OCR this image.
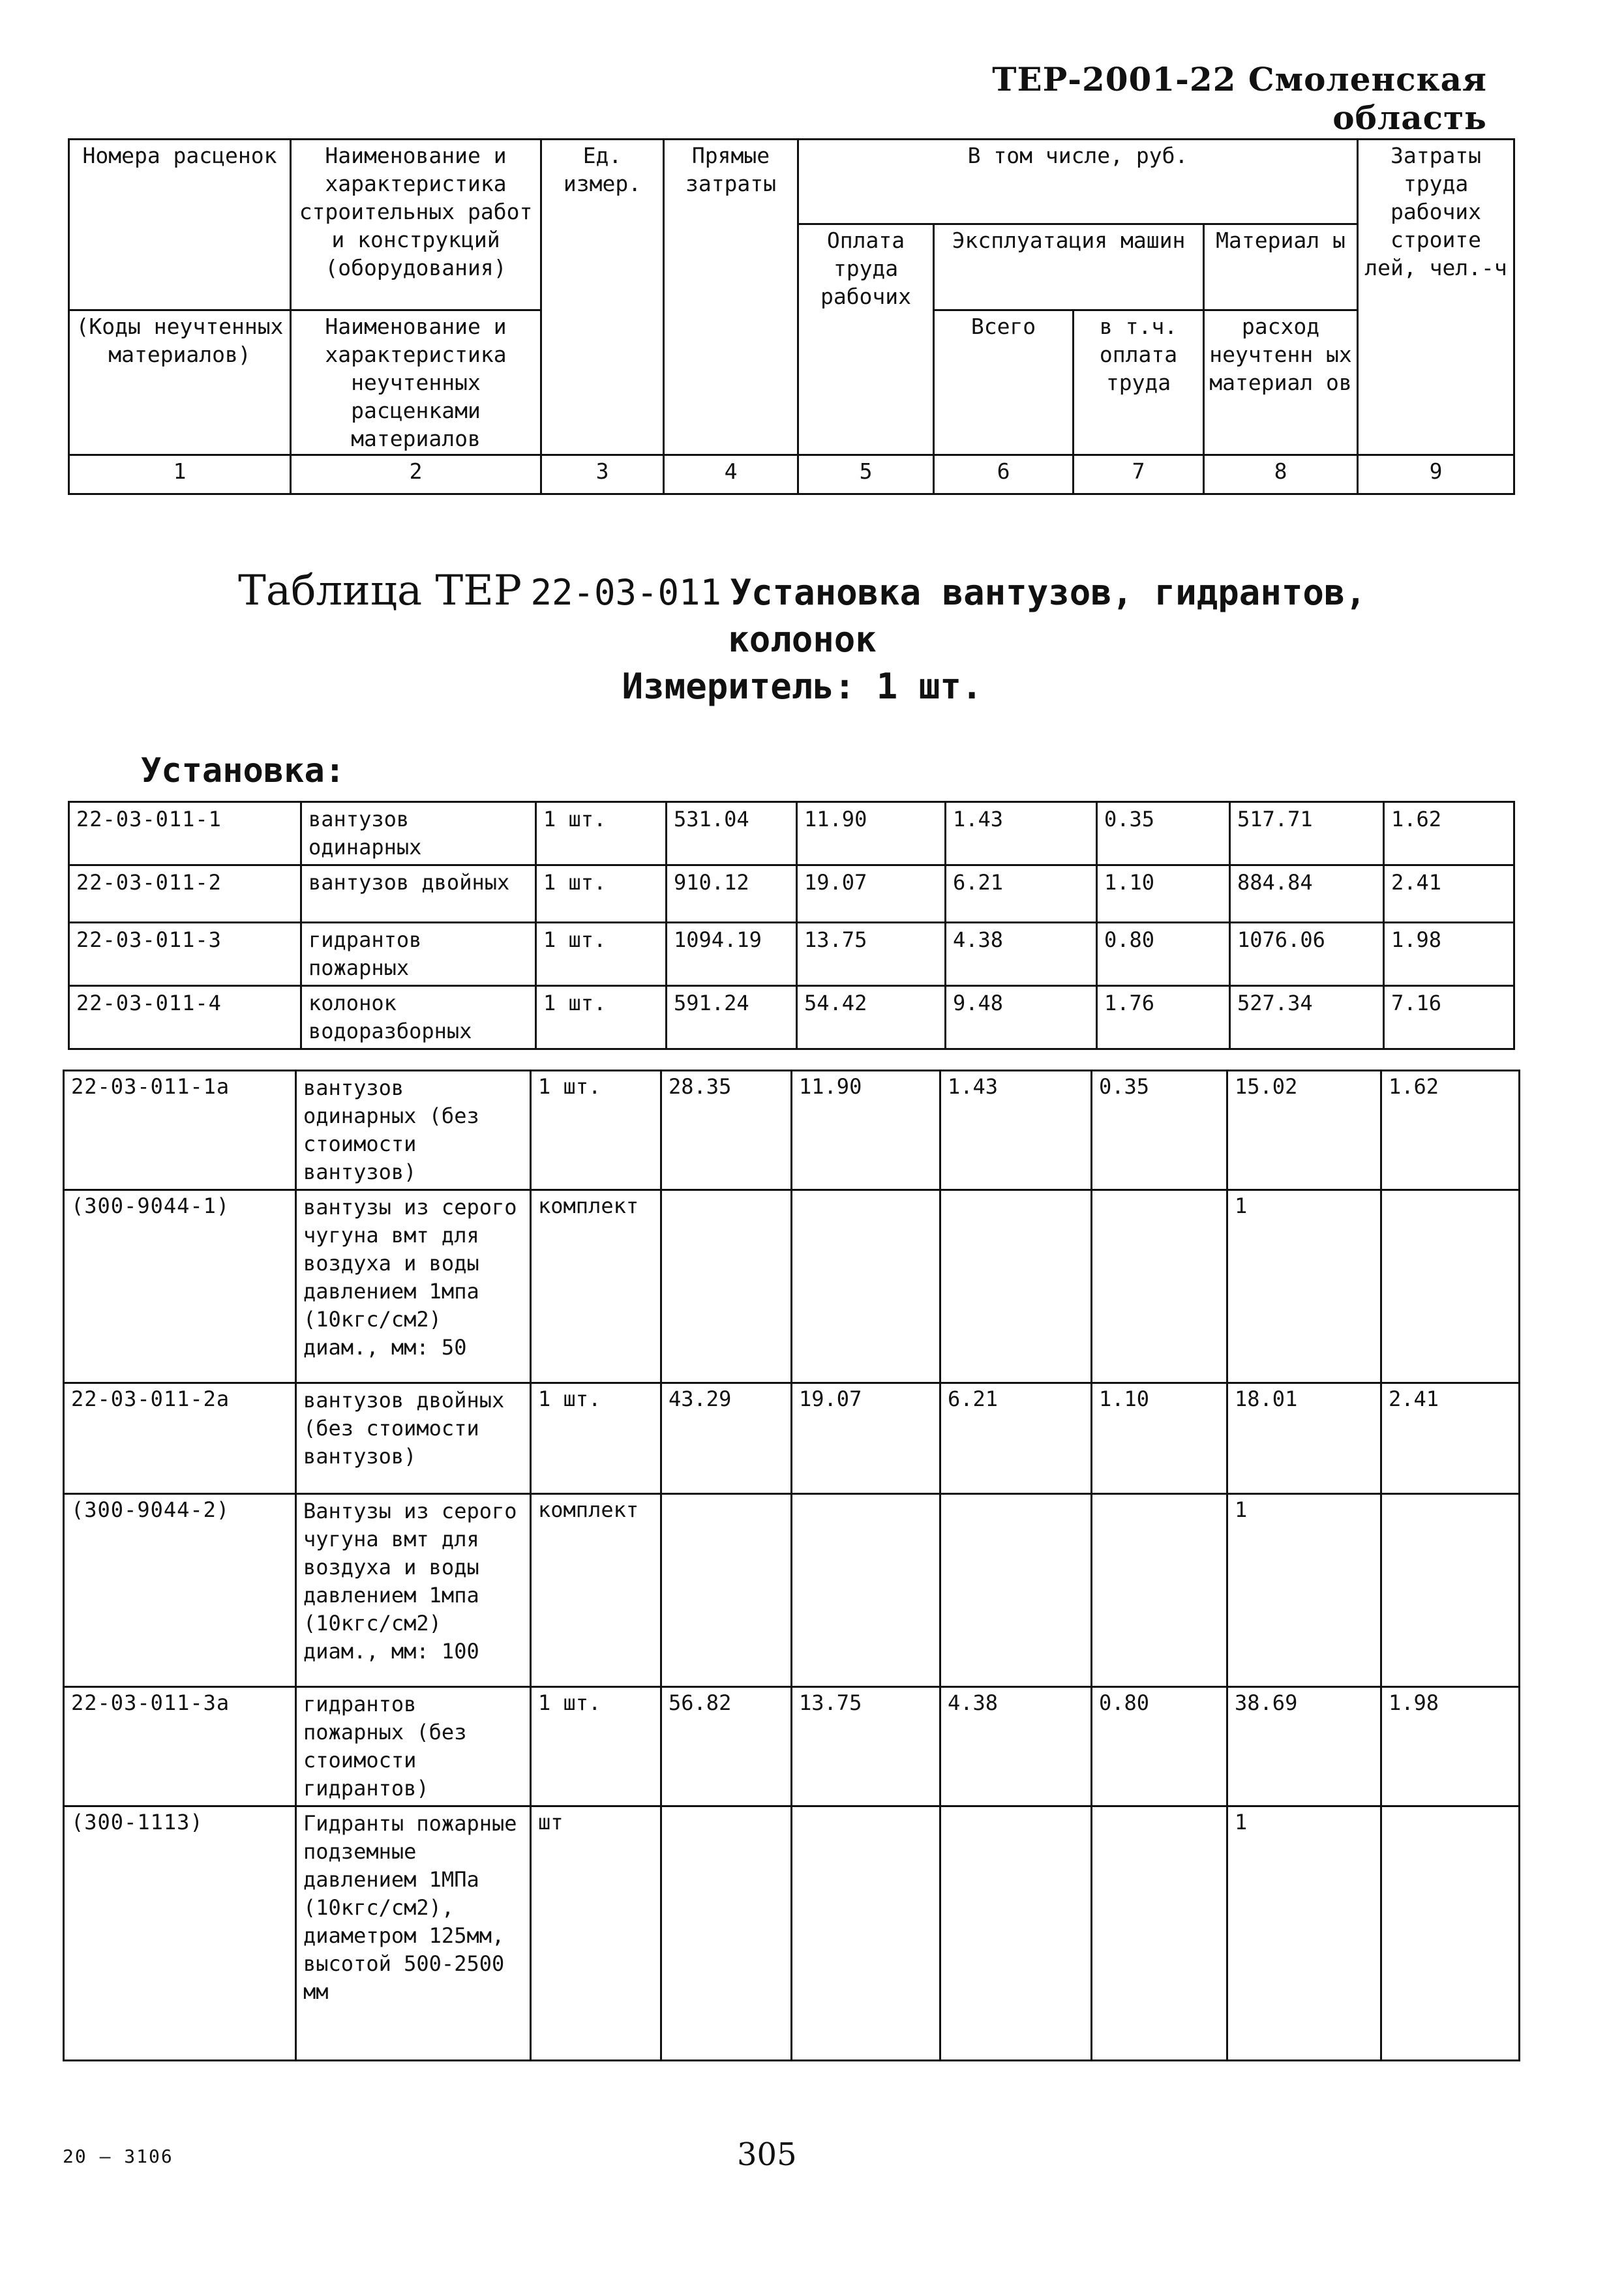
ТЕР-2001-22 Смоленская область
Номера расценок	Наименование и характеристика строительных работ и конструкций (оборудования)	Ед. измер.	Прямые затраты	В том числе, руб.				Затраты труда рабочих строите лей, чел.-ч
				Оплата труда рабочих	Эксплуатация машин		Материал ы	
(Коды неучтенных материалов)	Наименование и характеристика неучтенных расценками материалов				Всего	в т.ч. оплата труда	расход неучтенн ых материал ов	
1	2	3	4	5	6	7	8	9
Таблица ТЕР 22-03-011 Установка вантузов, гидрантов, колонок
Измеритель: 1 шт.
Установка:
22-03-011-1	вантузов одинарных	1 шт.	531.04	11.90	1.43	0.35	517.71	1.62
22-03-011-2	вантузов двойных	1 шт.	910.12	19.07	6.21	1.10	884.84	2.41
22-03-011-3	гидрантов пожарных	1 шт.	1094.19	13.75	4.38	0.80	1076.06	1.98
22-03-011-4	колонок водоразборных	1 шт.	591.24	54.42	9.48	1.76	527.34	7.16
22-03-011-1а	вантузов одинарных (без стоимости вантузов)	1 шт.	28.35	11.90	1.43	0.35	15.02	1.62
(300-9044-1)	вантузы из серого чугуна вмт для воздуха и воды давлением 1мпа (10кгс/см2) диам., мм: 50	комплект					1	
22-03-011-2а	вантузов двойных (без стоимости вантузов)	1 шт.	43.29	19.07	6.21	1.10	18.01	2.41
(300-9044-2)	Вантузы из серого чугуна вмт для воздуха и воды давлением 1мпа (10кгс/см2) диам., мм: 100	комплект					1	
22-03-011-3а	гидрантов пожарных (без стоимости гидрантов)	1 шт.	56.82	13.75	4.38	0.80	38.69	1.98
(300-1113)	Гидранты пожарные подземные давлением 1МПа (10кгс/см2), диаметром 125мм, высотой 500-2500 мм	шт					1	
20 – 3106	305
